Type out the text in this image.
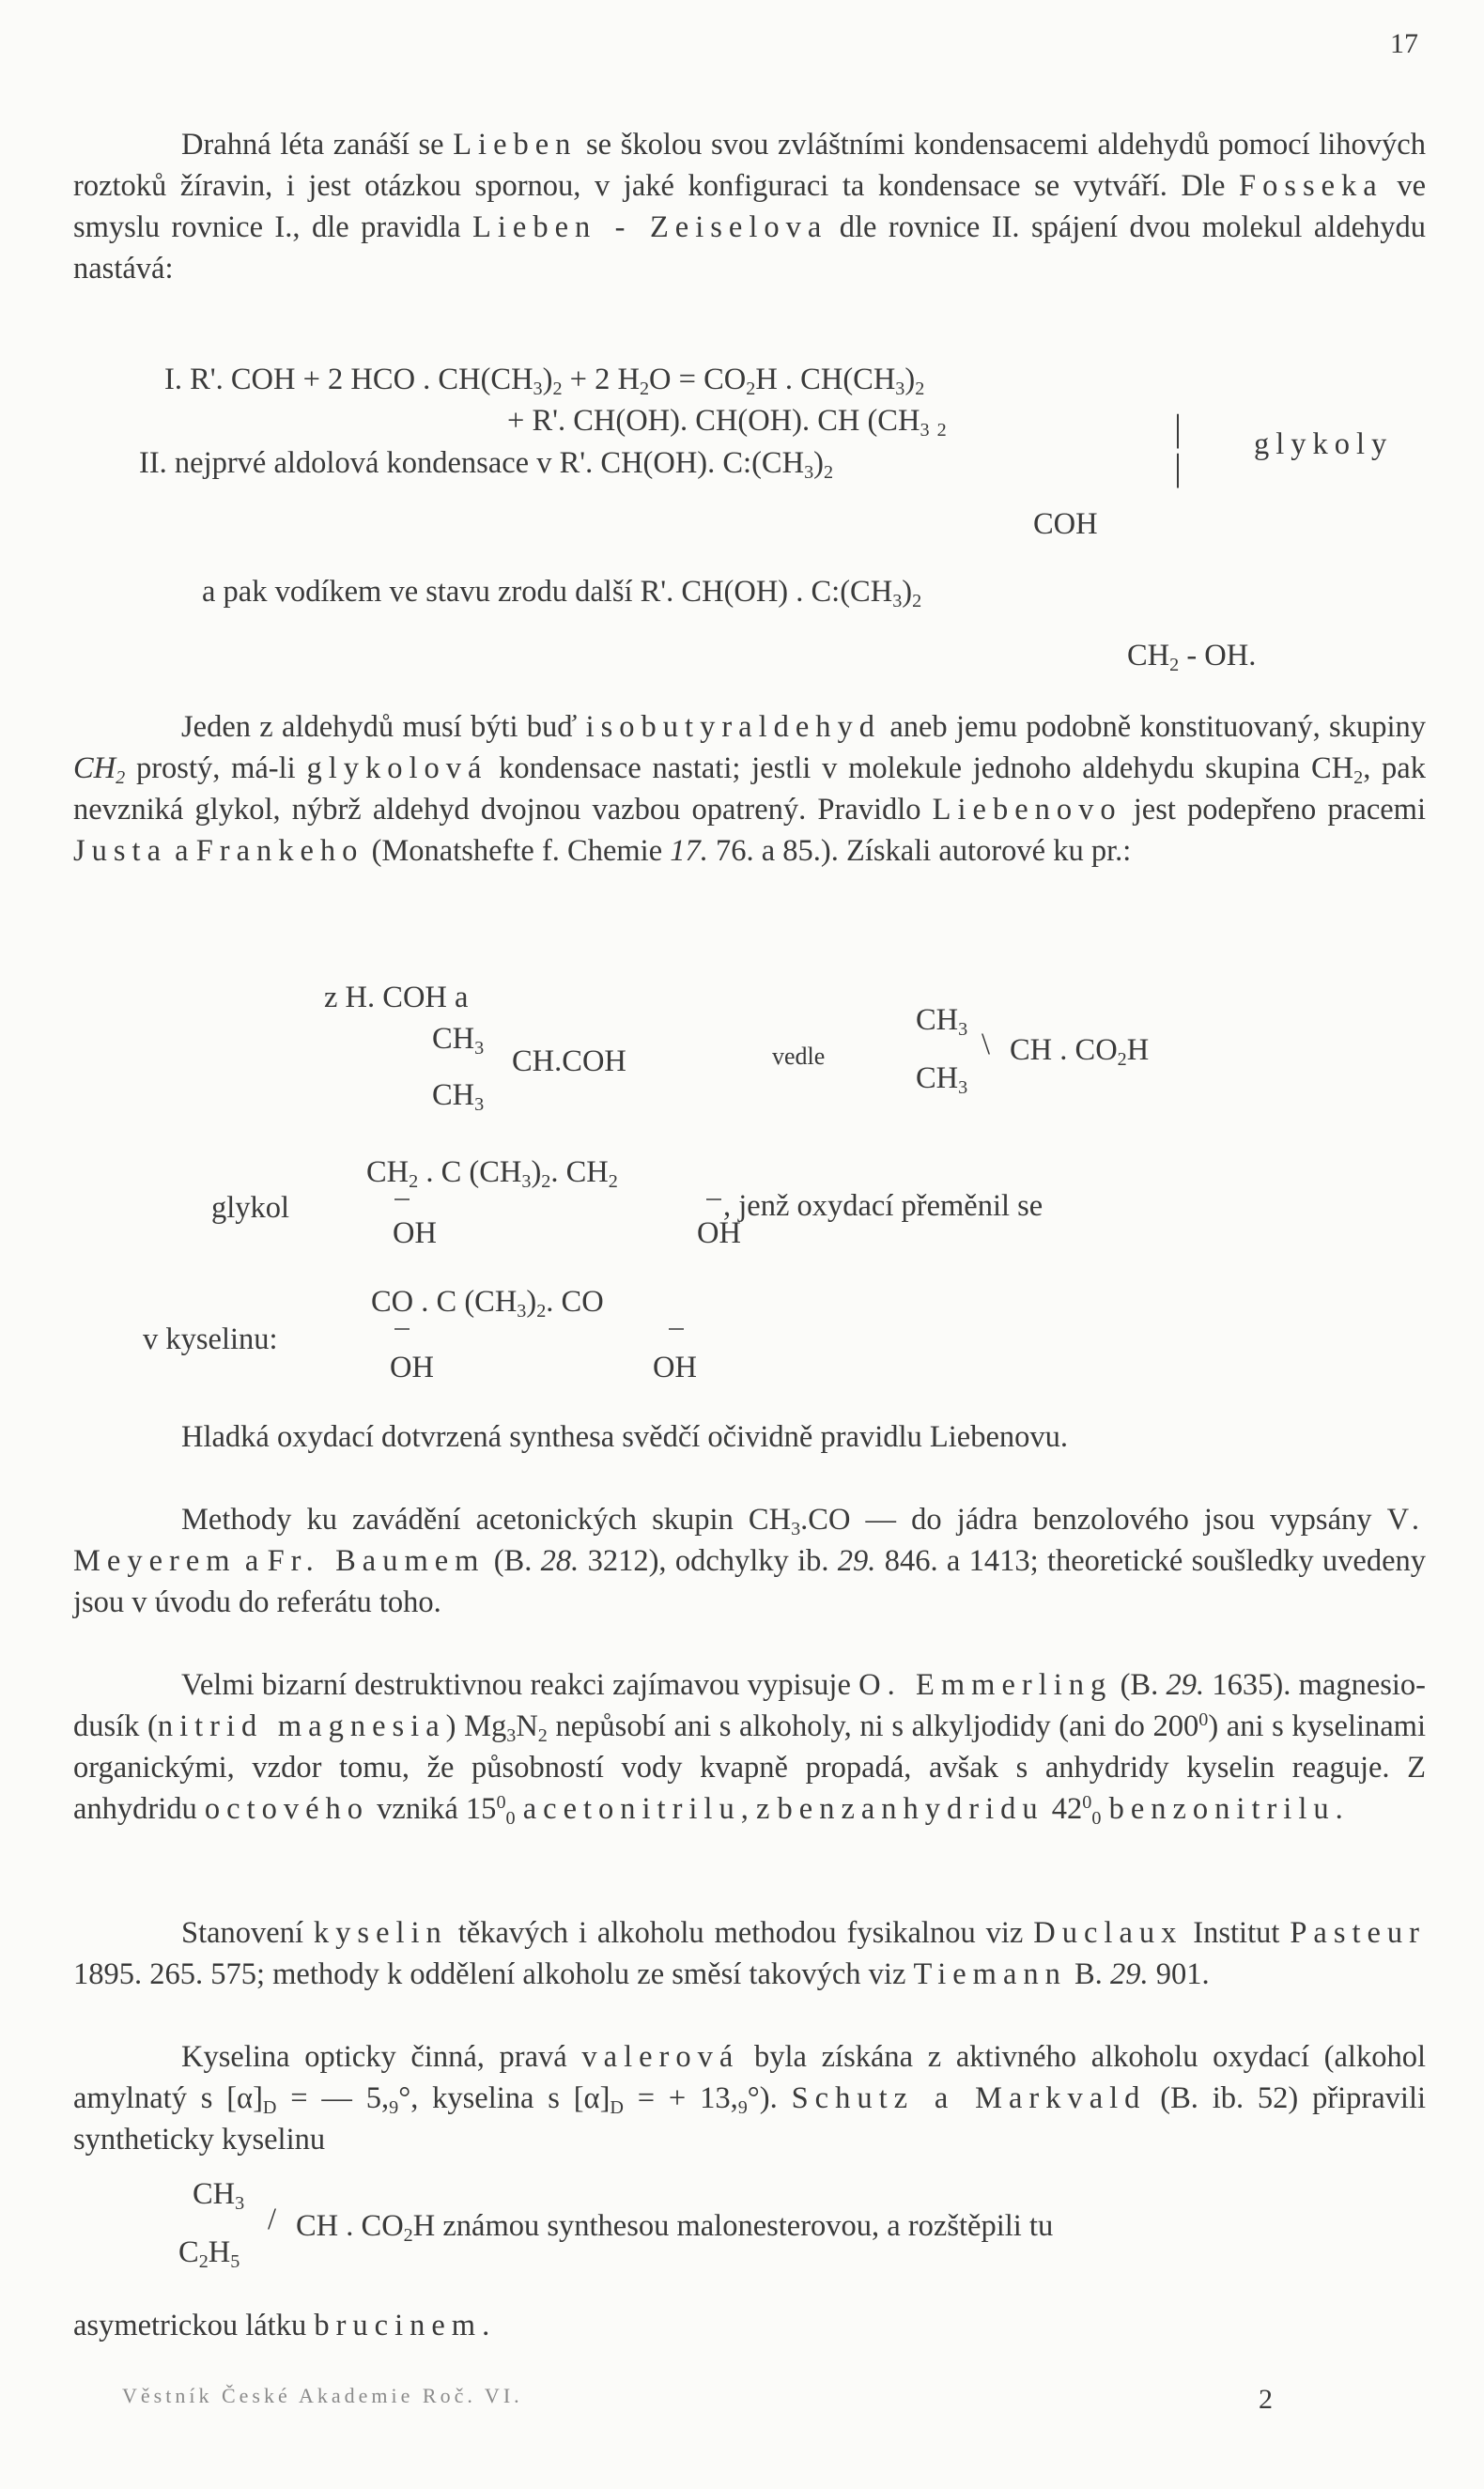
17

Drahná léta zanáší se Lieben se školou svou zvláštními kondensacemi aldehydů pomocí lihových roztoků žíravin, i jest otázkou spornou, v jaké konfiguraci ta kondensace se vytváří. Dle Fosseka ve smyslu rovnice I., dle pravidla Lieben - Zeiselova dle rovnice II. spájení dvou molekul aldehydu nastává:

I. R'. COH + 2 HCO . $CH(CH_3)_2 + 2$ $H_2O = CO_2H$ . $CH(CH_3)_2$
+ R'. CH(OH). CH(OH). CH ($CH_3$ $_2$	|
|
glykoly
II. nejprvé aldolová kondensace v R'. CH(OH). $C:(CH_3)_2$
COH
a pak vodíkem ve stavu zrodu další R'. CH(OH) . $C:(CH_3)_2$
$CH_2$ - OH.

Jeden z aldehydů musí býti buď isobutyraldehyd aneb jemu podobně konstituovaný, skupiny $CH_2$ prostý, má-li glykolová kondensace nastati; jestli v molekule jednoho aldehydu skupina $CH_2$, pak nevzniká glykol, nýbrž aldehyd dvojnou vazbou opatrený. Pravidlo Liebenovo jest podepřeno pracemi Justa a Frankeho (Monatshefte f. Chemie 17. 76. a 85.). Získali autorové ku pr.:

z H. COH a
$CH_3$ CH.COH
$CH_3$
vedle
$CH_3$ \ CH . $CO_2H$
$CH_3$
glykol
$CH_2$ . C $(CH_3)_2$. $CH_2$
OH	OH
, jenž oxydací přeměnil se
v kyselinu:
CO . C $(CH_3)_2$. CO
OH	OH

Hladká oxydací dotvrzená synthesa svědčí očividně pravidlu Liebenovu.

Methody ku zavádění acetonických skupin $CH_3.CO$ — do jádra benzolového jsou vypsány V. Meyerem a Fr. Baumem (B. 28. 3212), odchylky ib. 29. 846. a 1413; theoretické soušledky uvedeny jsou v úvodu do referátu toho.

Velmi bizarní destruktivnou reakci zajímavou vypisuje O. Emmerling (B. 29. 1635). magnesio-dusík (nitrid magnesia) $Mg_3N_2$ nepůsobí ani s alkoholy, ni s alkyljodidy (ani do $200^0$) ani s kyselinami organickými, vzdor tomu, že působností vody kvapně propadá, avšak s anhydridy kyselin reaguje. Z anhydridu octového vzniká $15^0_0$ acetonitrilu, z benzanhydridu $42^0_0$ benzonitrilu.

Stanovení kyselin těkavých i alkoholu methodou fysikalnou viz Duclaux Institut Pasteur 1895. 265. 575; methody k oddělení alkoholu ze směsí takových viz Tiemann B. 29. 901.

Kyselina opticky činná, pravá valerová byla získána z aktivného alkoholu oxydací (alkohol amylnatý s $[\alpha]_D$ = — $5,_9^\circ$, kyselina s $[\alpha]_D$ = + $13,_9^\circ$). Schutz a Markvald (B. ib. 52) připravili syntheticky kyselinu

$CH_3$ / CH . $CO_2H$ známou synthesou malonesterovou, a rozštěpili tu
$C_2H_5$

asymetrickou látku brucinem.

Věstník České Akademie Roč. VI.	2
